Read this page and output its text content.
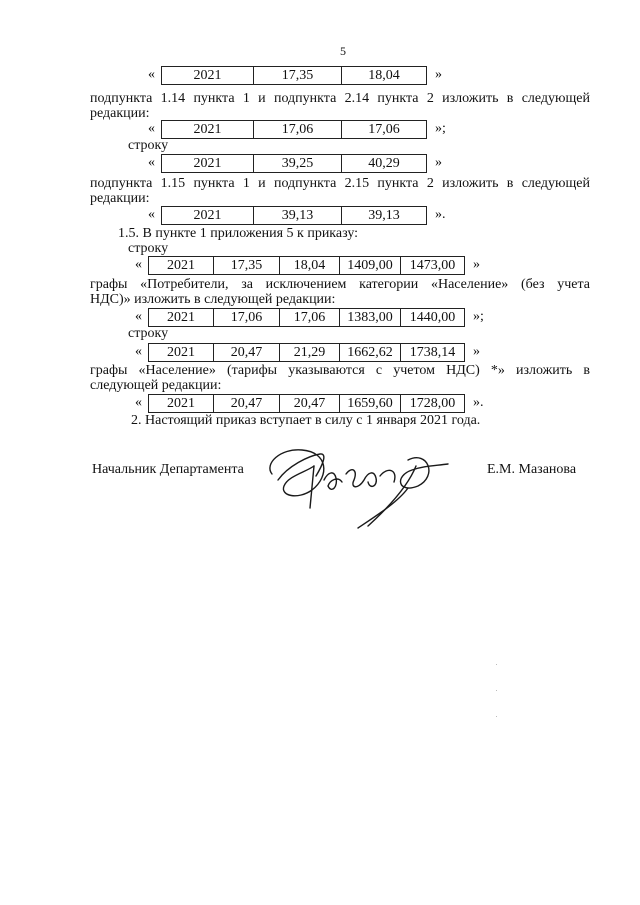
5
«	2021	17,35	18,04	»
подпункта 1.14 пункта 1 и подпункта 2.14 пункта 2 изложить в следующей
редакции:
«	2021	17,06	17,06	»;
строку
«	2021	39,25	40,29	»
подпункта 1.15 пункта 1 и подпункта 2.15 пункта 2 изложить в следующей
редакции:
«	2021	39,13	39,13	».
1.5. В пункте 1 приложения 5 к приказу:
строку
«	2021	17,35	18,04	1409,00	1473,00	»
графы «Потребители, за исключением категории «Население» (без учета
НДС)» изложить в следующей редакции:
«	2021	17,06	17,06	1383,00	1440,00	»;
строку
«	2021	20,47	21,29	1662,62	1738,14	»
графы «Население» (тарифы указываются с учетом НДС) *» изложить в
следующей редакции:
«	2021	20,47	20,47	1659,60	1728,00	».
2. Настоящий приказ вступает в силу с 1 января 2021 года.
Начальник Департамента	Е.М. Мазанова
